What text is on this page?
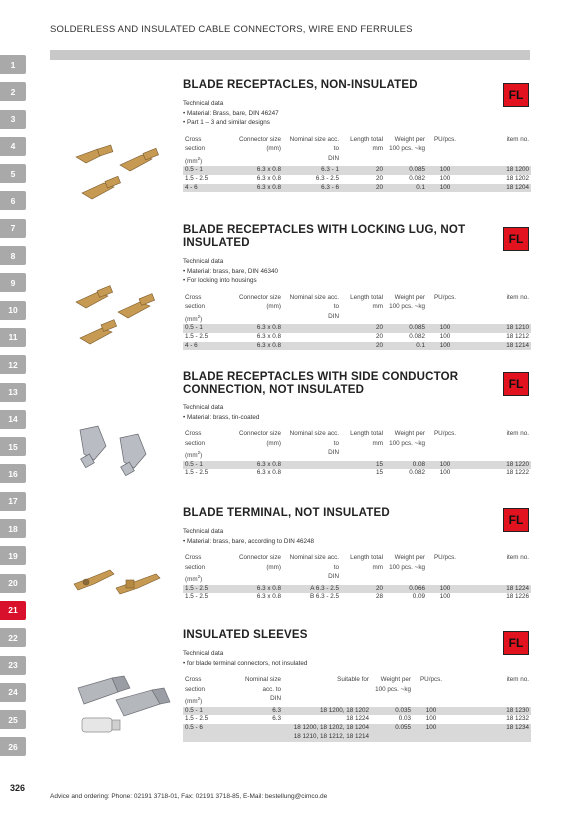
SOLDERLESS AND INSULATED CABLE CONNECTORS, WIRE END FERRULES
1
2
3
4
5
6
7
8
9
10
11
12
13
14
15
16
17
18
19
20
21
22
23
24
25
26
FL
BLADE RECEPTACLES, NON-INSULATED
Technical data
• Material: Brass, bare, DIN 46247
• Part 1 – 3 and similar designs
Cross
section
$(mm^2)$	Connector size
(mm)	Nominal size acc. to
DIN	Length total
mm	Weight per
100 pcs. ~kg	PU/pcs.	item no.
0.5 - 1	6.3 x 0.8	6.3 - 1	20	0.085	100	18 1200
1.5 - 2.5	6.3 x 0.8	6.3 - 2.5	20	0.082	100	18 1202
4 - 6	6.3 x 0.8	6.3 - 6	20	0.1	100	18 1204
FL
BLADE RECEPTACLES WITH LOCKING LUG, NOT INSULATED
Technical data
• Material: brass, bare, DIN 46340
• For locking into housings
Cross
section
$(mm^2)$	Connector size
(mm)	Nominal size acc. to
DIN	Length total
mm	Weight per
100 pcs. ~kg	PU/pcs.	item no.
0.5 - 1	6.3 x 0.8		20	0.085	100	18 1210
1.5 - 2.5	6.3 x 0.8		20	0.082	100	18 1212
4 - 6	6.3 x 0.8		20	0.1	100	18 1214
FL
BLADE RECEPTACLES WITH SIDE CONDUCTOR
CONNECTION, NOT INSULATED
Technical data
• Material: brass, tin-coated
Cross
section
$(mm^2)$	Connector size
(mm)	Nominal size acc. to
DIN	Length total
mm	Weight per
100 pcs. ~kg	PU/pcs.	item no.
0.5 - 1	6.3 x 0.8		15	0.08	100	18 1220
1.5 - 2.5	6.3 x 0.8		15	0.082	100	18 1222
FL
BLADE TERMINAL, NOT INSULATED
Technical data
• Material: brass, bare, according to DIN 46248
Cross
section
$(mm^2)$	Connector size
(mm)	Nominal size acc. to
DIN	Length total
mm	Weight per
100 pcs. ~kg	PU/pcs.	item no.
1.5 - 2.5	6.3 x 0.8	A 6.3 - 2.5	20	0.066	100	18 1224
1.5 - 2.5	6.3 x 0.8	B 6.3 - 2.5	28	0.09	100	18 1226
FL
INSULATED SLEEVES
Technical data
• for blade terminal connectors, not insulated
Cross
section
$(mm^2)$	Nominal size acc. to
DIN	Suitable for	Weight per
100 pcs. ~kg	PU/pcs.	item no.
0.5 - 1	6.3	18 1200, 18 1202	0.035	100	18 1230
1.5 - 2.5	6.3	18 1224	0.03	100	18 1232
0.5 - 6		18 1200, 18 1202, 18 1204
18 1210, 18 1212, 18 1214	0.055	100	18 1234
326
Advice and ordering: Phone: 02191 3718-01, Fax: 02191 3718-85, E-Mail: bestellung@cimco.de
